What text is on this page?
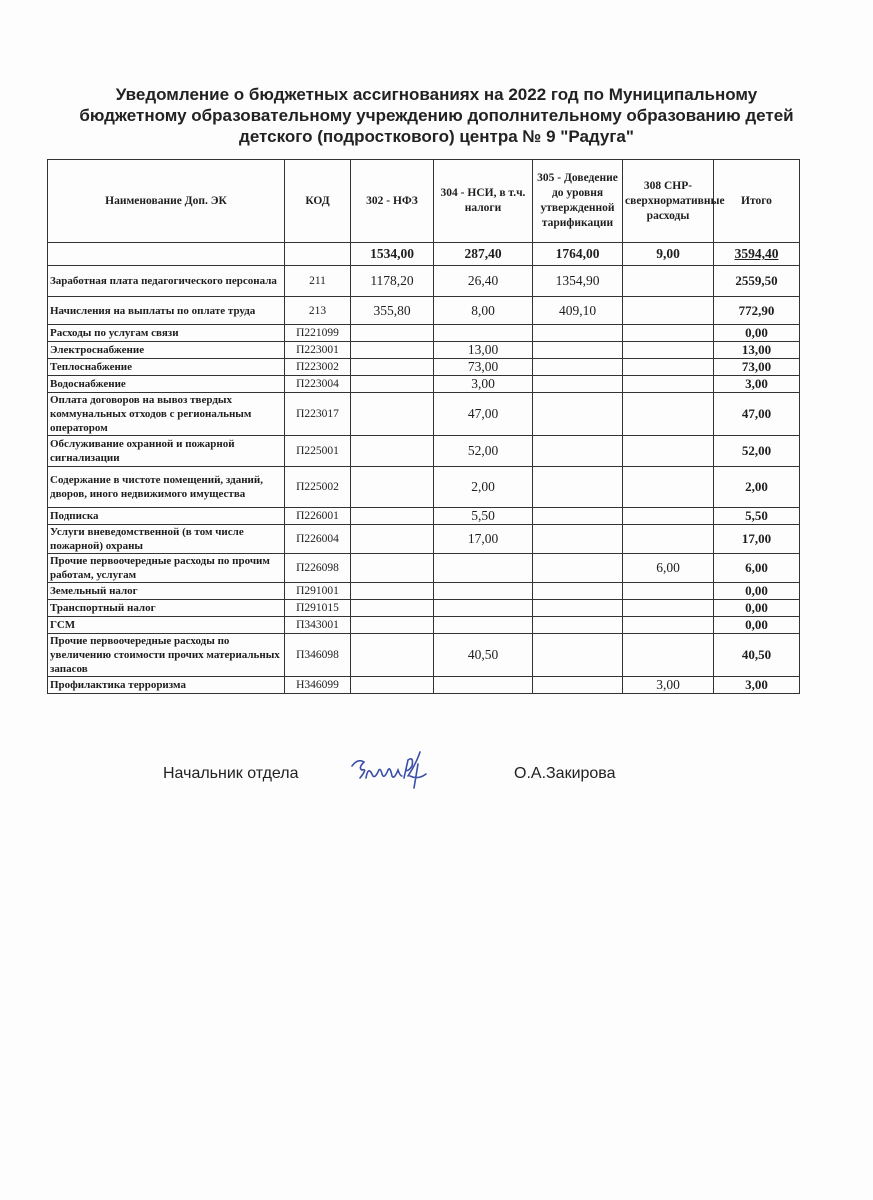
Уведомление о бюджетных ассигнованиях на 2022 год по Муниципальному
бюджетному образовательному учреждению дополнительному образованию детей
детского (подросткового) центра № 9 "Радуга"
Наименование Доп. ЭК	КОД	302 - НФЗ	304 - НСИ, в т.ч. налоги	305 - Доведение до уровня утвержденной тарификации	308 СНР-сверхнормативные расходы	Итого
		1534,00	287,40	1764,00	9,00	3594,40
Заработная плата педагогического персонала	211	1178,20	26,40	1354,90		2559,50
Начисления на выплаты по оплате труда	213	355,80	8,00	409,10		772,90
Расходы по услугам связи	П221099					0,00
Электроснабжение	П223001		13,00			13,00
Теплоснабжение	П223002		73,00			73,00
Водоснабжение	П223004		3,00			3,00
Оплата договоров на вывоз твердых коммунальных отходов с региональным оператором	П223017		47,00			47,00
Обслуживание охранной и пожарной сигнализации	П225001		52,00			52,00
Содержание в чистоте помещений, зданий, дворов, иного недвижимого имущества	П225002		2,00			2,00
Подписка	П226001		5,50			5,50
Услуги вневедомственной (в том числе пожарной) охраны	П226004		17,00			17,00
Прочие первоочередные расходы по прочим работам, услугам	П226098				6,00	6,00
Земельный налог	П291001					0,00
Транспортный налог	П291015					0,00
ГСМ	П343001					0,00
Прочие первоочередные расходы по увеличению стоимости прочих материальных запасов	П346098		40,50			40,50
Профилактика терроризма	Н346099				3,00	3,00
Начальник отдела	О.А.Закирова
